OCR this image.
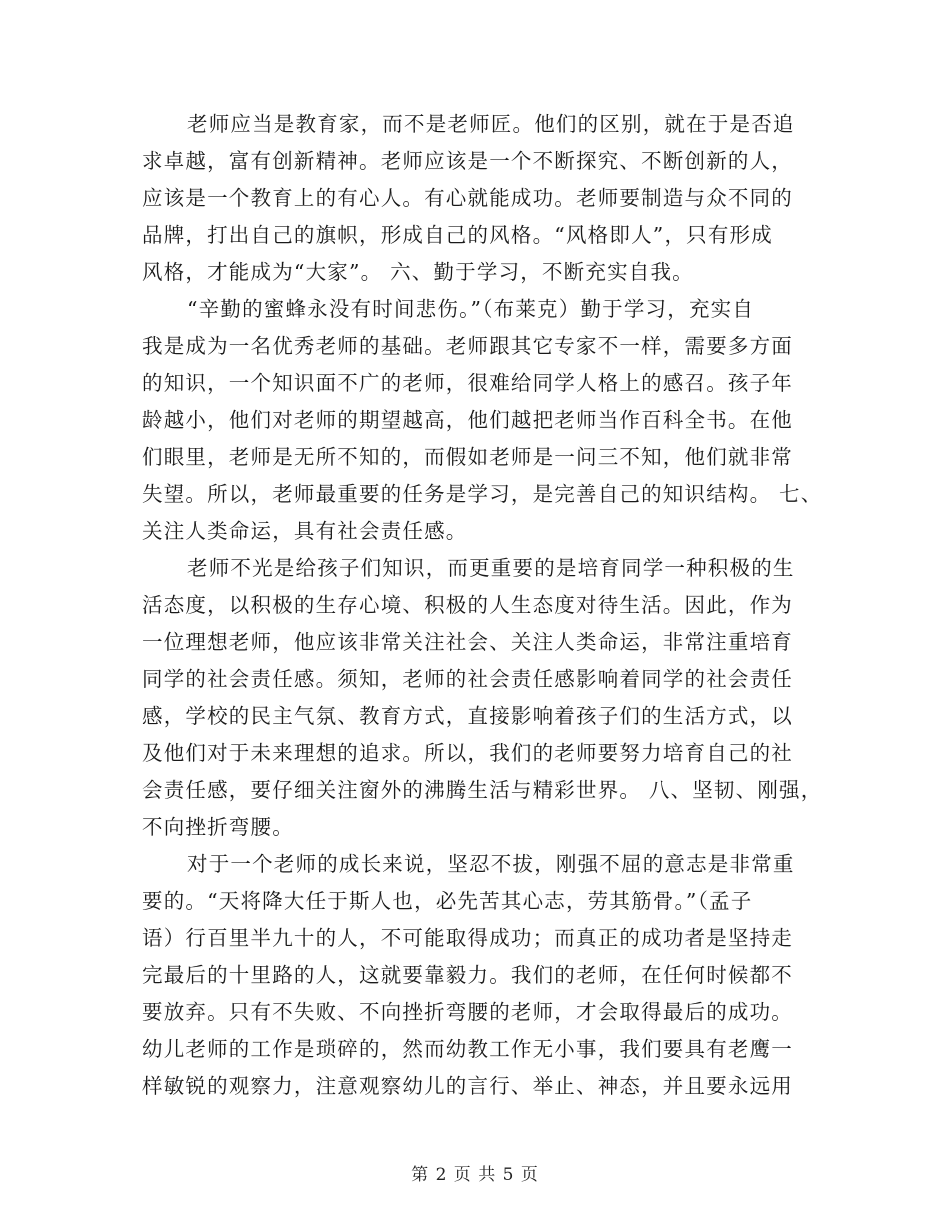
老师应当是教育家，而不是老师匠。他们的区别，就在于是否追
求卓越，富有创新精神。老师应该是一个不断探究、不断创新的人，
应该是一个教育上的有心人。有心就能成功。老师要制造与众不同的
品牌，打出自己的旗帜，形成自己的风格。“风格即人”，只有形成
风格，才能成为“大家”。 六、勤于学习，不断充实自我。
“辛勤的蜜蜂永没有时间悲伤。”（布莱克）勤于学习，充实自
我是成为一名优秀老师的基础。老师跟其它专家不一样，需要多方面
的知识，一个知识面不广的老师，很难给同学人格上的感召。孩子年
龄越小，他们对老师的期望越高，他们越把老师当作百科全书。在他
们眼里，老师是无所不知的，而假如老师是一问三不知，他们就非常
失望。所以，老师最重要的任务是学习，是完善自己的知识结构。 七、
关注人类命运，具有社会责任感。
老师不光是给孩子们知识，而更重要的是培育同学一种积极的生
活态度，以积极的生存心境、积极的人生态度对待生活。因此，作为
一位理想老师，他应该非常关注社会、关注人类命运，非常注重培育
同学的社会责任感。须知，老师的社会责任感影响着同学的社会责任
感，学校的民主气氛、教育方式，直接影响着孩子们的生活方式，以
及他们对于未来理想的追求。所以，我们的老师要努力培育自己的社
会责任感，要仔细关注窗外的沸腾生活与精彩世界。 八、坚韧、刚强，
不向挫折弯腰。
对于一个老师的成长来说，坚忍不拔，刚强不屈的意志是非常重
要的。“天将降大任于斯人也，必先苦其心志，劳其筋骨。”（孟子
语）行百里半九十的人，不可能取得成功；而真正的成功者是坚持走
完最后的十里路的人，这就要靠毅力。我们的老师，在任何时候都不
要放弃。只有不失败、不向挫折弯腰的老师，才会取得最后的成功。
幼儿老师的工作是琐碎的，然而幼教工作无小事，我们要具有老鹰一
样敏锐的观察力，注意观察幼儿的言行、举止、神态，并且要永远用
第 2 页 共 5 页
